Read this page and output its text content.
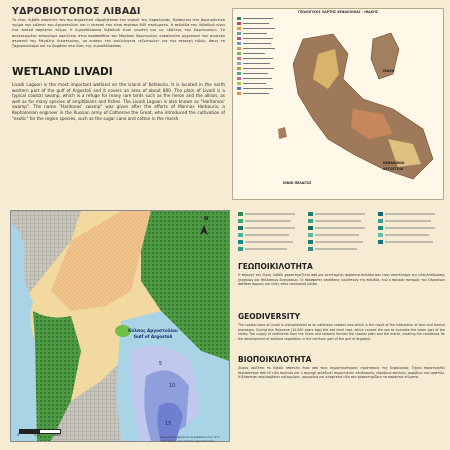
ΥΔΡΟΒΙΟΤΟΠΟΣ ΛΙΒΑΔΙ
Το έλος Λιβάδι αποτελεί τον πιο σημαντικό υδροβιότοπο του νησιού της Κεφαλονιάς. Βρίσκεται στο βορειοδυτικό τμήμα του κόλπου του Αργοστολίου και η έκτασή του είναι περίπου 800 στρέμματα. Η πεδιάδα του Λιβαδιού είναι ένα τυπικό παράκτιο τέλμα. Η Λιμνοθάλασσα Λιβαδιού είναι γνωστή και ως «βάλτος του Χαριτωνίου». Το συγκεκριμένο τοπωνύμιο οφείλεται στην προσπάθεια του Μαρίνου Χαριτωνίου, κεφαλονίτη μηχανικού του ρωσικού στρατού της Μεγάλης Αικατερίνης, να εισάγει την καλλιέργεια «εξωτικών» για την περιοχή ειδών, όπως το ζαχαροκάλαμο και το βαμβάκι στο έλος της λιμνοθάλασσας.
WETLAND LIVADI
Livadi Lagoon is the most important wetland on the island of Kefalonia. It is located in the north western part of the gulf of Argostoli and it covers an area of about 800. The plain of Livadi is a typical coastal swamp, which is a refuge for many rare birds such as the heron and the alkion, as well as for many species of amphibians and fishes. The Livadi Lagoon is also known as "Haritonios' swamp". The name "Haritonos' swamp" was given after the efforts of Marinos Harbouris, a Kephalonian engineer in the Russian army of Catherine the Great, who introduced the cultivation of "exotic" for the region species, such as the sugar cane and cotton in the marsh.
N
Κόλπος Αργοστολίου
Gulf of Argostoli
5
10
15
0	0.5	1km	Απεικόνιση φυσικού περιβάλλοντος στο εσωτερικό του κόλπου Αργοστολίου
ΓΕΩΛΟΓΙΚΟΣ ΧΑΡΤΗΣ ΚΕΦΑΛΟΝΙΑΣ - ΙΘΑΚΗΣ
ΙΘΑΚΗ
ΚΕΦΑΛΟΝΙΑ
ΑΡΓΟΣΤΟΛΙ
ΙΟΝΙΟ ΠΕΛΑΓΟΣ
ΓΕΩΠΟΙΚΙΛΟΤΗΤΑ
Η περιοχή του έλους Λιβάδι χαρακτηρίζεται από μια εκτεταμένη παράκτια πεδιάδα που είναι αποτέλεσμα της αλληλεπίδρασης χερσαίων και θαλάσσιων διεργασιών. Οι πρόσφατες αποθέσεις καλύπτουν την πεδιάδα, ενώ ο παλαιός ποταμός του Ολοκαίνου απέθεσε άμμους και ιλύες στον εσωτερικό κόλπο.
GEODIVERSITY
The coastal zone of Livadi is characterized as an extensive coastal area which is the result of the interaction of land and marine processes. During the Holocene (10.000 years ago) the sea level rose, which caused the sea to inundate the lower part of the valley. The supply of sediments from the rivers and streams formed the coastal plain and the marsh, creating the conditions for the development of wetland vegetation in the northern part of the gulf of Argostoli.
ΒΙΟΠΟΙΚΙΛΟΤΗΤΑ
Χώρος ορίζεται το Λιβάδι αποτελεί έναν από τους σημαντικότερους υγρότοπους της Κεφαλονιάς. Έχουν παρατηρηθεί περισσότερα από 50 είδη πουλιών και η περιοχή φιλοξενεί σημαντικούς πληθυσμούς υδρόβιων πουλιών, αμφιβίων και ερπετών. Η βλάστηση περιλαμβάνει καλαμιώνες, αρμυρίκια και αλοφυτικά είδη που χαρακτηρίζουν τα παράκτια τέλματα.
